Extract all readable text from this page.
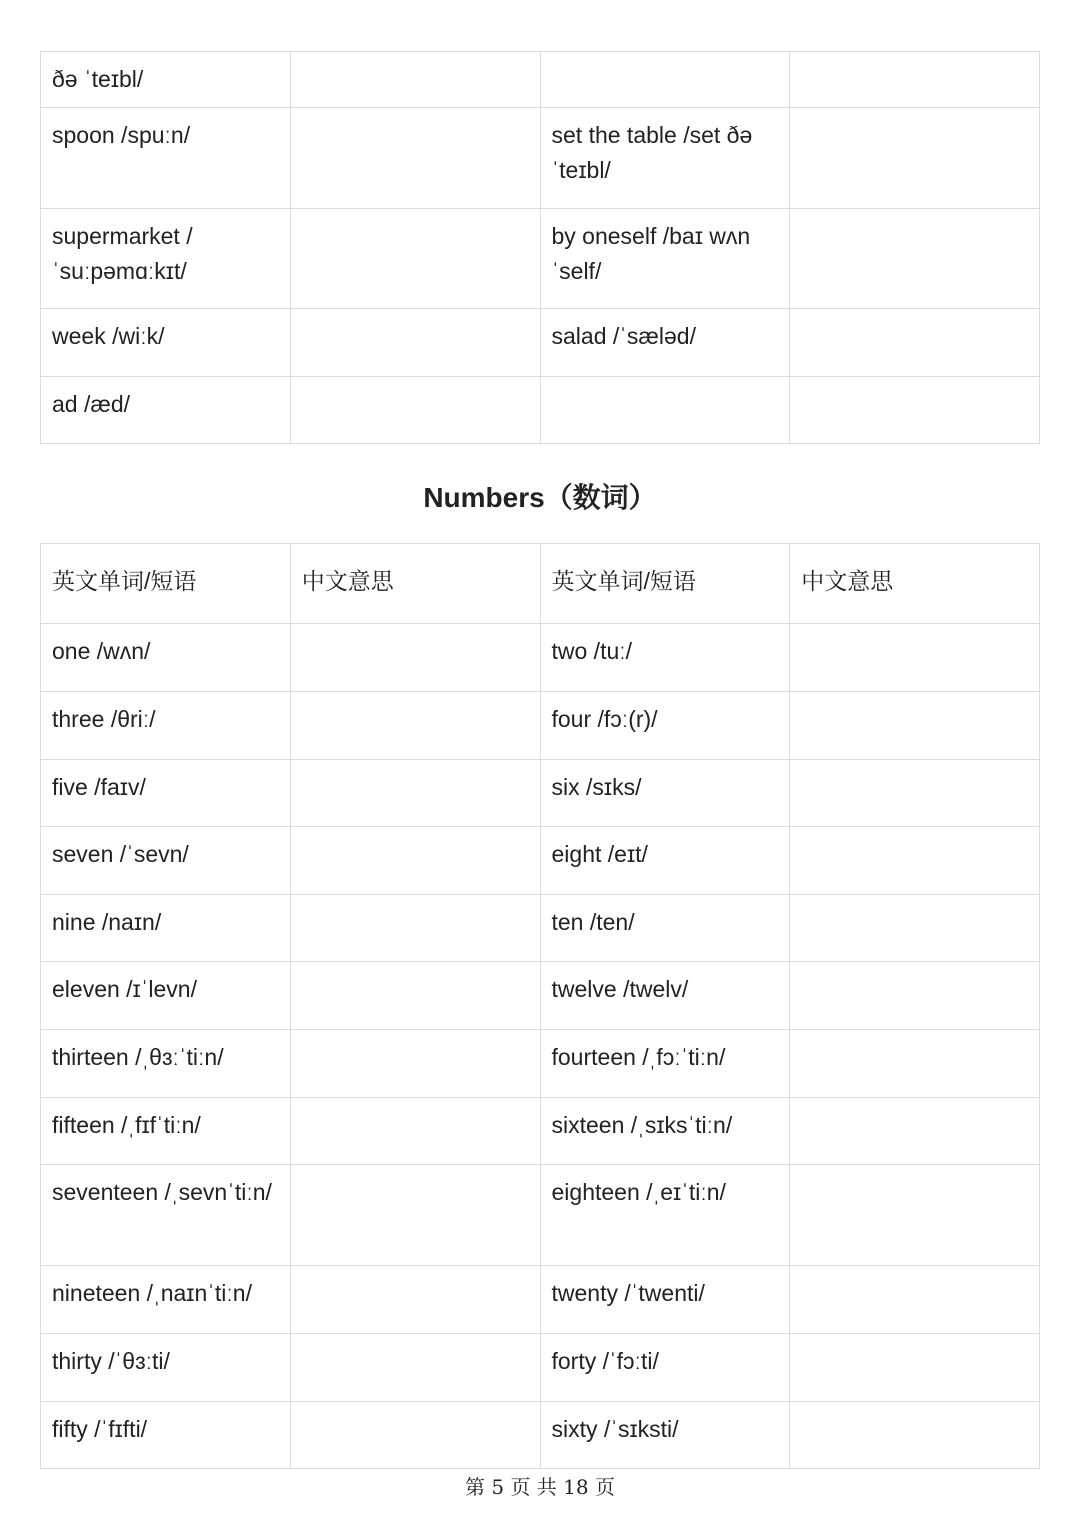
ðə ˈteɪbl/			
spoon /spuːn/		set the table /set ðə ˈteɪbl/	
supermarket /ˈsuːpəmɑːkɪt/		by oneself /baɪ wʌnˈself/	
week /wiːk/		salad /ˈsæləd/	
ad /æd/			
Numbers（数词）
英文单词/短语	中文意思	英文单词/短语	中文意思
one /wʌn/		two /tuː/	
three /θriː/		four /fɔː(r)/	
five /faɪv/		six /sɪks/	
seven /ˈsevn/		eight /eɪt/	
nine /naɪn/		ten /ten/	
eleven /ɪˈlevn/		twelve /twelv/	
thirteen /ˌθɜːˈtiːn/		fourteen /ˌfɔːˈtiːn/	
fifteen /ˌfɪfˈtiːn/		sixteen /ˌsɪksˈtiːn/	
seventeen /ˌsevnˈtiːn/		eighteen /ˌeɪˈtiːn/	
nineteen /ˌnaɪnˈtiːn/		twenty /ˈtwenti/	
thirty /ˈθɜːti/		forty /ˈfɔːti/	
fifty /ˈfɪfti/		sixty /ˈsɪksti/	
第 5 页 共 18 页
